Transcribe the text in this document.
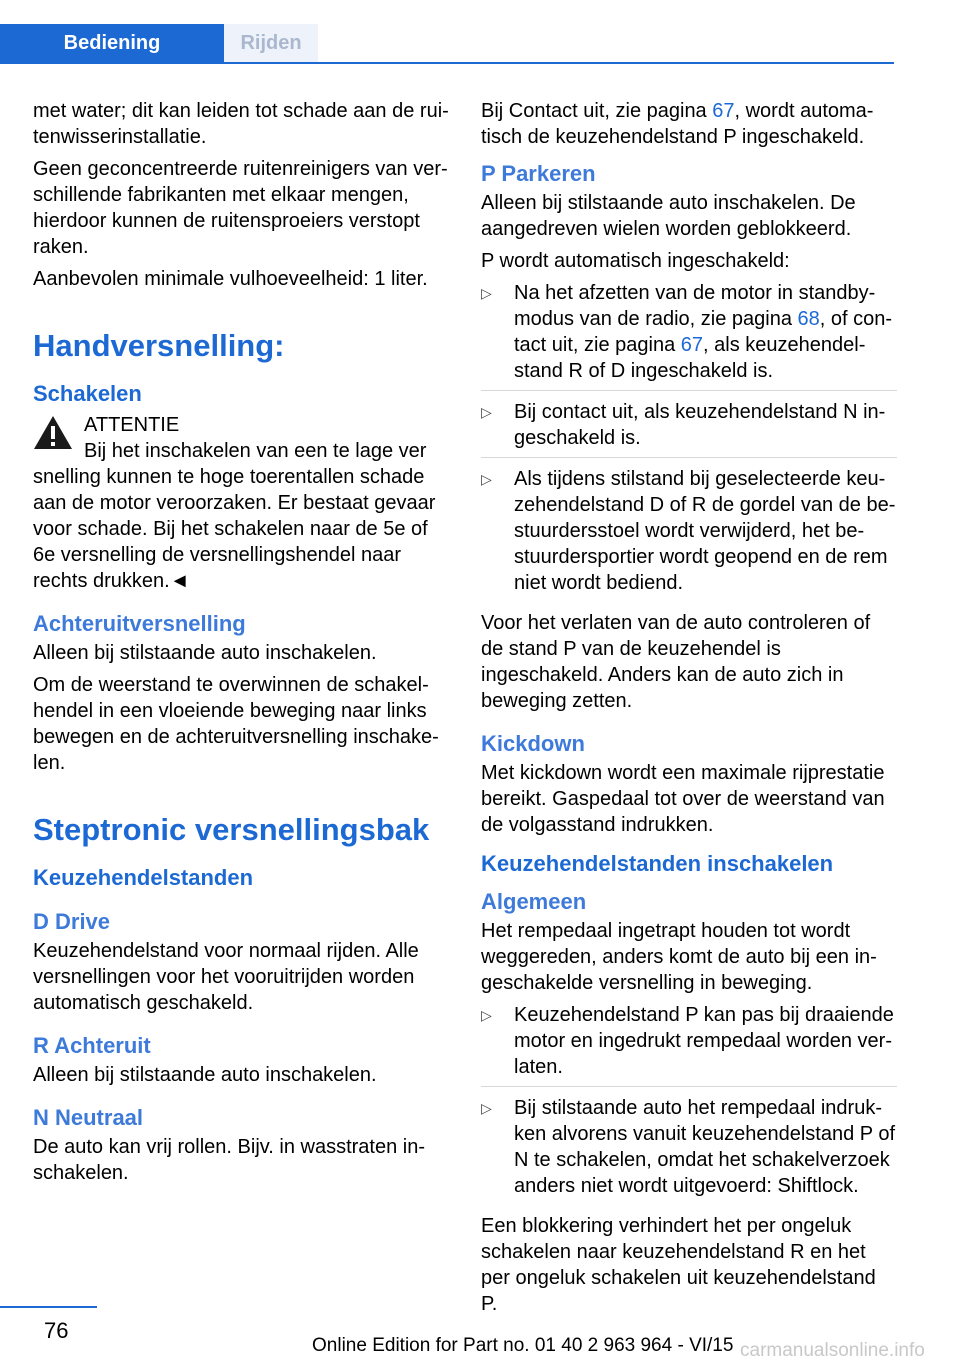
Bediening	Rijden

met water; dit kan leiden tot schade aan de ruitenwisserinstallatie.

Geen geconcentreerde ruitenreinigers van verschillende fabrikanten met elkaar mengen, hierdoor kunnen de ruitensproeiers verstopt raken.

Aanbevolen minimale vulhoeveelheid: 1 liter.

Handversnelling:
Schakelen
ATTENTIE
Bij het inschakelen van een te lage ver

snelling kunnen te hoge toerentallen schade aan de motor veroorzaken. Er bestaat gevaar voor schade. Bij het schakelen naar de 5e of 6e versnelling de versnellingshendel naar rechts drukken.◄

Achteruitversnelling

Alleen bij stilstaande auto inschakelen.

Om de weerstand te overwinnen de schakelhendel in een vloeiende beweging naar links bewegen en de achteruitversnelling inschakelen.

Steptronic versnellingsbak
Keuzehendelstanden
D Drive

Keuzehendelstand voor normaal rijden. Alle versnellingen voor het vooruitrijden worden automatisch geschakeld.

R Achteruit

Alleen bij stilstaande auto inschakelen.

N Neutraal

De auto kan vrij rollen. Bijv. in wasstraten inschakelen.

Bij Contact uit, zie pagina 67, wordt automatisch de keuzehendelstand P ingeschakeld.

P Parkeren

Alleen bij stilstaande auto inschakelen. De aangedreven wielen worden geblokkeerd.

P wordt automatisch ingeschakeld:

▷ Na het afzetten van de motor in standbymodus van de radio, zie pagina 68, of contact uit, zie pagina 67, als keuzehendelstand R of D ingeschakeld is.
▷ Bij contact uit, als keuzehendelstand N ingeschakeld is.
▷ Als tijdens stilstand bij geselecteerde keuzehendelstand D of R de gordel van de bestuurdersstoel wordt verwijderd, het bestuurdersportier wordt geopend en de rem niet wordt bediend.

Voor het verlaten van de auto controleren of de stand P van de keuzehendel is ingeschakeld. Anders kan de auto zich in beweging zetten.

Kickdown

Met kickdown wordt een maximale rijprestatie bereikt. Gaspedaal tot over de weerstand van de volgasstand indrukken.

Keuzehendelstanden inschakelen
Algemeen

Het rempedaal ingetrapt houden tot wordt weggereden, anders komt de auto bij een ingeschakelde versnelling in beweging.

▷ Keuzehendelstand P kan pas bij draaiende motor en ingedrukt rempedaal worden verlaten.
▷ Bij stilstaande auto het rempedaal indrukken alvorens vanuit keuzehendelstand P of N te schakelen, omdat het schakelverzoek anders niet wordt uitgevoerd: Shiftlock.

Een blokkering verhindert het per ongeluk schakelen naar keuzehendelstand R en het per ongeluk schakelen uit keuzehendelstand P.

76
Online Edition for Part no. 01 40 2 963 964 - VI/15 carmanualsonline.info
